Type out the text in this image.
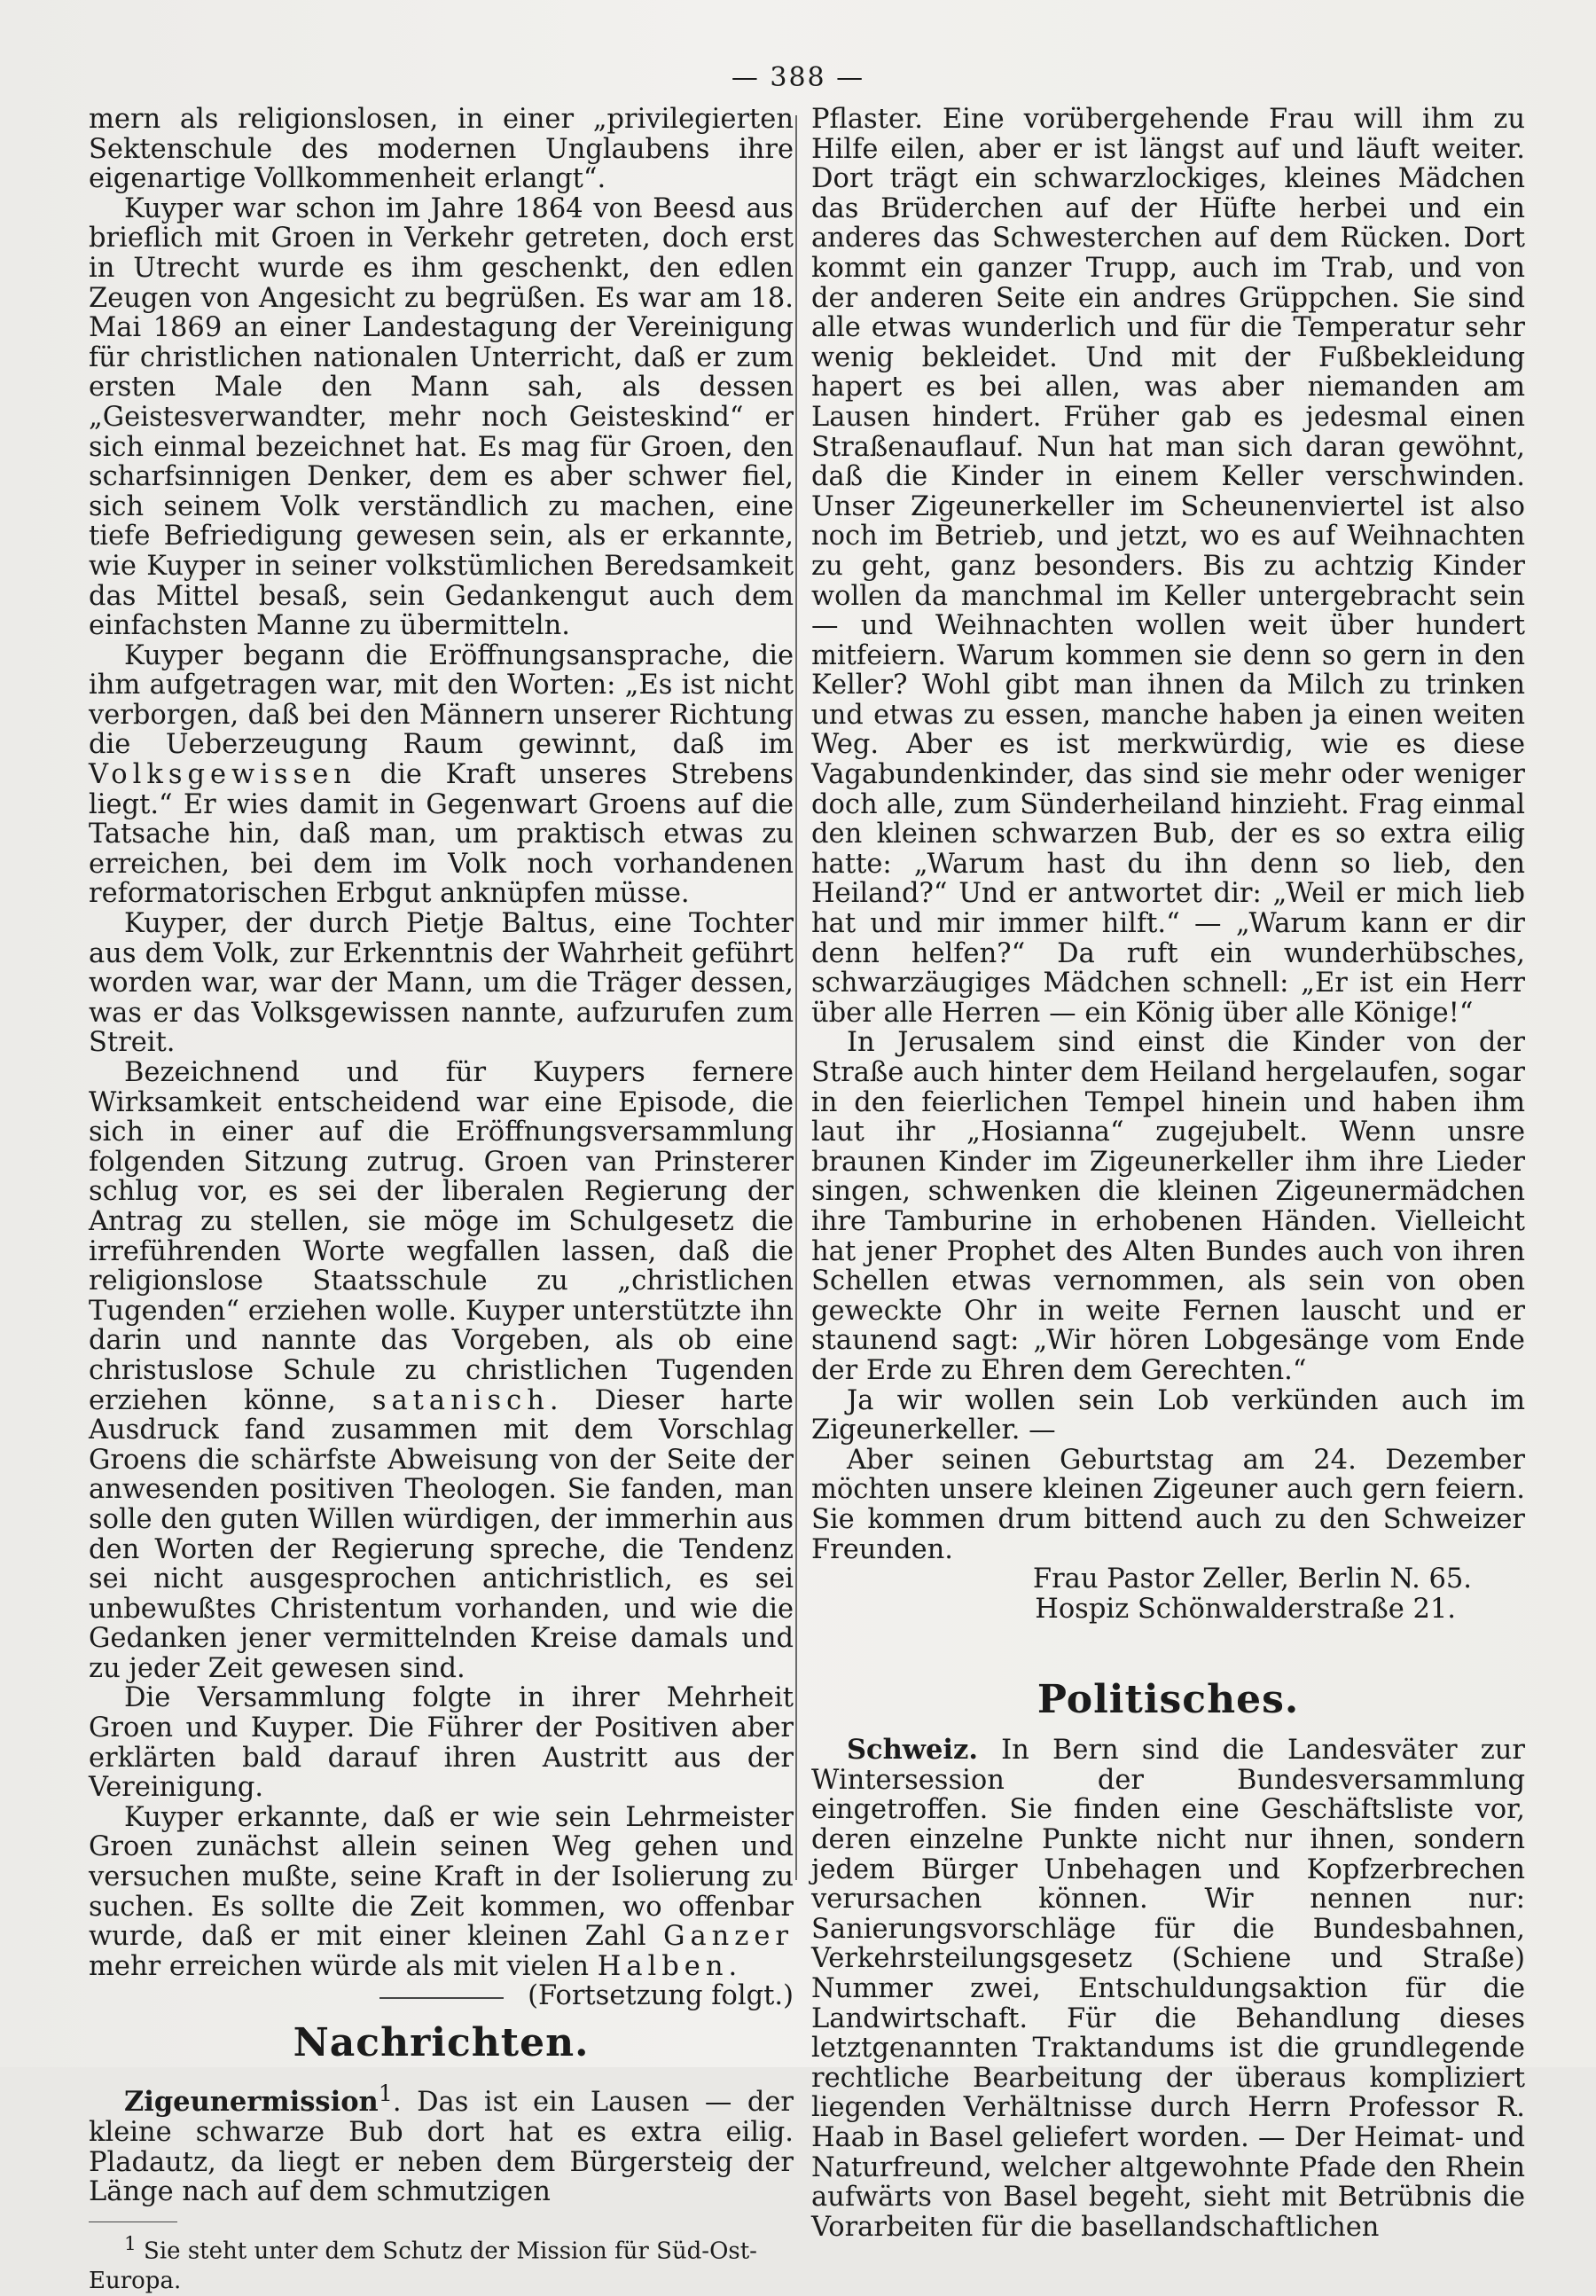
— 388 —

mern als religionslosen, in einer „privilegierten Sektenschule des modernen Unglaubens ihre eigenartige Vollkommenheit erlangt“.

Kuyper war schon im Jahre 1864 von Beesd aus brieflich mit Groen in Verkehr getreten, doch erst in Utrecht wurde es ihm geschenkt, den edlen Zeugen von Angesicht zu begrüßen. Es war am 18. Mai 1869 an einer Landestagung der Vereinigung für christlichen nationalen Unterricht, daß er zum ersten Male den Mann sah, als dessen „Geistesverwandter, mehr noch Geisteskind“ er sich einmal bezeichnet hat. Es mag für Groen, den scharfsinnigen Denker, dem es aber schwer fiel, sich seinem Volk verständlich zu machen, eine tiefe Befriedigung gewesen sein, als er erkannte, wie Kuyper in seiner volkstümlichen Beredsamkeit das Mittel besaß, sein Gedankengut auch dem einfachsten Manne zu übermitteln.

Kuyper begann die Eröffnungsansprache, die ihm aufgetragen war, mit den Worten: „Es ist nicht verborgen, daß bei den Männern unserer Richtung die Ueberzeugung Raum gewinnt, daß im Volksgewissen die Kraft unseres Strebens liegt.“ Er wies damit in Gegenwart Groens auf die Tatsache hin, daß man, um praktisch etwas zu erreichen, bei dem im Volk noch vorhandenen reformatorischen Erbgut anknüpfen müsse.

Kuyper, der durch Pietje Baltus, eine Tochter aus dem Volk, zur Erkenntnis der Wahrheit geführt worden war, war der Mann, um die Träger dessen, was er das Volksgewissen nannte, aufzurufen zum Streit.

Bezeichnend und für Kuypers fernere Wirksamkeit entscheidend war eine Episode, die sich in einer auf die Eröffnungsversammlung folgenden Sitzung zutrug. Groen van Prinsterer schlug vor, es sei der liberalen Regierung der Antrag zu stellen, sie möge im Schulgesetz die irreführenden Worte wegfallen lassen, daß die religionslose Staatsschule zu „christlichen Tugenden“ erziehen wolle. Kuyper unterstützte ihn darin und nannte das Vorgeben, als ob eine christuslose Schule zu christlichen Tugenden erziehen könne, satanisch. Dieser harte Ausdruck fand zusammen mit dem Vorschlag Groens die schärfste Abweisung von der Seite der anwesenden positiven Theologen. Sie fanden, man solle den guten Willen würdigen, der immerhin aus den Worten der Regierung spreche, die Tendenz sei nicht ausgesprochen antichristlich, es sei unbewußtes Christentum vorhanden, und wie die Gedanken jener vermittelnden Kreise damals und zu jeder Zeit gewesen sind.

Die Versammlung folgte in ihrer Mehrheit Groen und Kuyper. Die Führer der Positiven aber erklärten bald darauf ihren Austritt aus der Vereinigung.

Kuyper erkannte, daß er wie sein Lehrmeister Groen zunächst allein seinen Weg gehen und versuchen mußte, seine Kraft in der Isolierung zu suchen. Es sollte die Zeit kommen, wo offenbar wurde, daß er mit einer kleinen Zahl Ganzer mehr erreichen würde als mit vielen Halben.
(Fortsetzung folgt.)

Nachrichten.

Zigeunermission$^1$. Das ist ein Lausen — der kleine schwarze Bub dort hat es extra eilig. Pladautz, da liegt er neben dem Bürgersteig der Länge nach auf dem schmutzigen

$^1$ Sie steht unter dem Schutz der Mission für Süd-Ost-Europa.

Pflaster. Eine vorübergehende Frau will ihm zu Hilfe eilen, aber er ist längst auf und läuft weiter. Dort trägt ein schwarzlockiges, kleines Mädchen das Brüderchen auf der Hüfte herbei und ein anderes das Schwesterchen auf dem Rücken. Dort kommt ein ganzer Trupp, auch im Trab, und von der anderen Seite ein andres Grüppchen. Sie sind alle etwas wunderlich und für die Temperatur sehr wenig bekleidet. Und mit der Fußbekleidung hapert es bei allen, was aber niemanden am Lausen hindert. Früher gab es jedesmal einen Straßenauflauf. Nun hat man sich daran gewöhnt, daß die Kinder in einem Keller verschwinden. Unser Zigeunerkeller im Scheunenviertel ist also noch im Betrieb, und jetzt, wo es auf Weihnachten zu geht, ganz besonders. Bis zu achtzig Kinder wollen da manchmal im Keller untergebracht sein — und Weihnachten wollen weit über hundert mitfeiern. Warum kommen sie denn so gern in den Keller? Wohl gibt man ihnen da Milch zu trinken und etwas zu essen, manche haben ja einen weiten Weg. Aber es ist merkwürdig, wie es diese Vagabundenkinder, das sind sie mehr oder weniger doch alle, zum Sünderheiland hinzieht. Frag einmal den kleinen schwarzen Bub, der es so extra eilig hatte: „Warum hast du ihn denn so lieb, den Heiland?“ Und er antwortet dir: „Weil er mich lieb hat und mir immer hilft.“ — „Warum kann er dir denn helfen?“ Da ruft ein wunderhübsches, schwarzäugiges Mädchen schnell: „Er ist ein Herr über alle Herren — ein König über alle Könige!“

In Jerusalem sind einst die Kinder von der Straße auch hinter dem Heiland hergelaufen, sogar in den feierlichen Tempel hinein und haben ihm laut ihr „Hosianna“ zugejubelt. Wenn unsre braunen Kinder im Zigeunerkeller ihm ihre Lieder singen, schwenken die kleinen Zigeunermädchen ihre Tamburine in erhobenen Händen. Vielleicht hat jener Prophet des Alten Bundes auch von ihren Schellen etwas vernommen, als sein von oben geweckte Ohr in weite Fernen lauscht und er staunend sagt: „Wir hören Lobgesänge vom Ende der Erde zu Ehren dem Gerechten.“

Ja wir wollen sein Lob verkünden auch im Zigeunerkeller. —

Aber seinen Geburtstag am 24. Dezember möchten unsere kleinen Zigeuner auch gern feiern. Sie kommen drum bittend auch zu den Schweizer Freunden.

Frau Pastor Zeller, Berlin N. 65.

Hospiz Schönwalderstraße 21.

Politisches.

Schweiz. In Bern sind die Landesväter zur Wintersession der Bundesversammlung eingetroffen. Sie finden eine Geschäftsliste vor, deren einzelne Punkte nicht nur ihnen, sondern jedem Bürger Unbehagen und Kopfzerbrechen verursachen können. Wir nennen nur: Sanierungsvorschläge für die Bundesbahnen, Verkehrsteilungsgesetz (Schiene und Straße) Nummer zwei, Entschuldungsaktion für die Landwirtschaft. Für die Behandlung dieses letztgenannten Traktandums ist die grundlegende rechtliche Bearbeitung der überaus kompliziert liegenden Verhältnisse durch Herrn Professor R. Haab in Basel geliefert worden. — Der Heimat- und Naturfreund, welcher altgewohnte Pfade den Rhein aufwärts von Basel begeht, sieht mit Betrübnis die Vorarbeiten für die basellandschaftlichen
